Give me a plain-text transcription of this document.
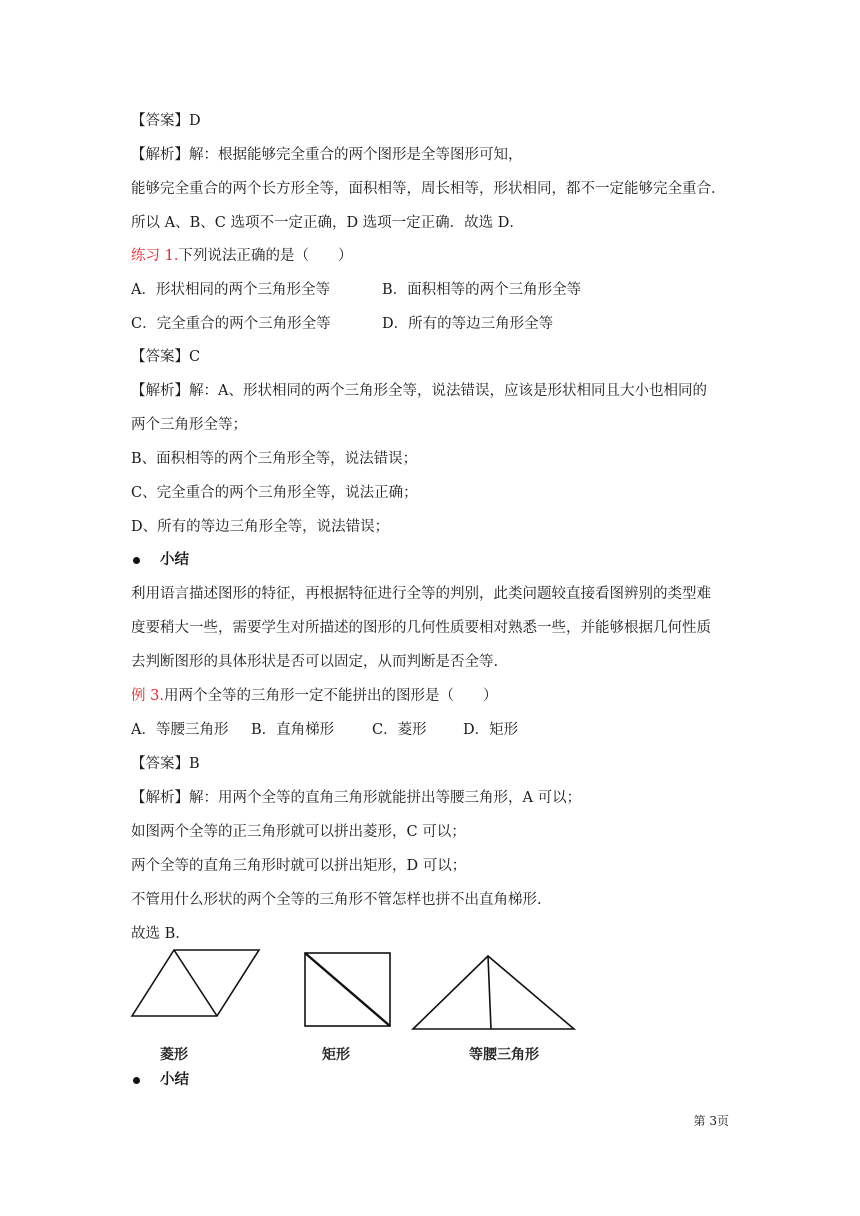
【答案】D
【解析】解：根据能够完全重合的两个图形是全等图形可知，
能够完全重合的两个长方形全等，面积相等，周长相等，形状相同，都不一定能够完全重合．
所以 A、B、C 选项不一定正确，D 选项一定正确．故选 D．
练习 1.下列说法正确的是（　　）
A．形状相同的两个三角形全等	B．面积相等的两个三角形全等
C．完全重合的两个三角形全等	D．所有的等边三角形全等
【答案】C
【解析】解：A、形状相同的两个三角形全等，说法错误，应该是形状相同且大小也相同的
两个三角形全等；
B、面积相等的两个三角形全等，说法错误；
C、完全重合的两个三角形全等，说法正确；
D、所有的等边三角形全等，说法错误；
小结
利用语言描述图形的特征，再根据特征进行全等的判别，此类问题较直接看图辨别的类型难
度要稍大一些，需要学生对所描述的图形的几何性质要相对熟悉一些，并能够根据几何性质
去判断图形的具体形状是否可以固定，从而判断是否全等.
例 3.用两个全等的三角形一定不能拼出的图形是（　　）
A．等腰三角形 B．直角梯形	C．菱形	D．矩形
【答案】B
【解析】解：用两个全等的直角三角形就能拼出等腰三角形，A 可以；
如图两个全等的正三角形就可以拼出菱形，C 可以；
两个全等的直角三角形时就可以拼出矩形，D 可以；
不管用什么形状的两个全等的三角形不管怎样也拼不出直角梯形.
故选 B.
菱形	矩形	等腰三角形
小结
第 3页
